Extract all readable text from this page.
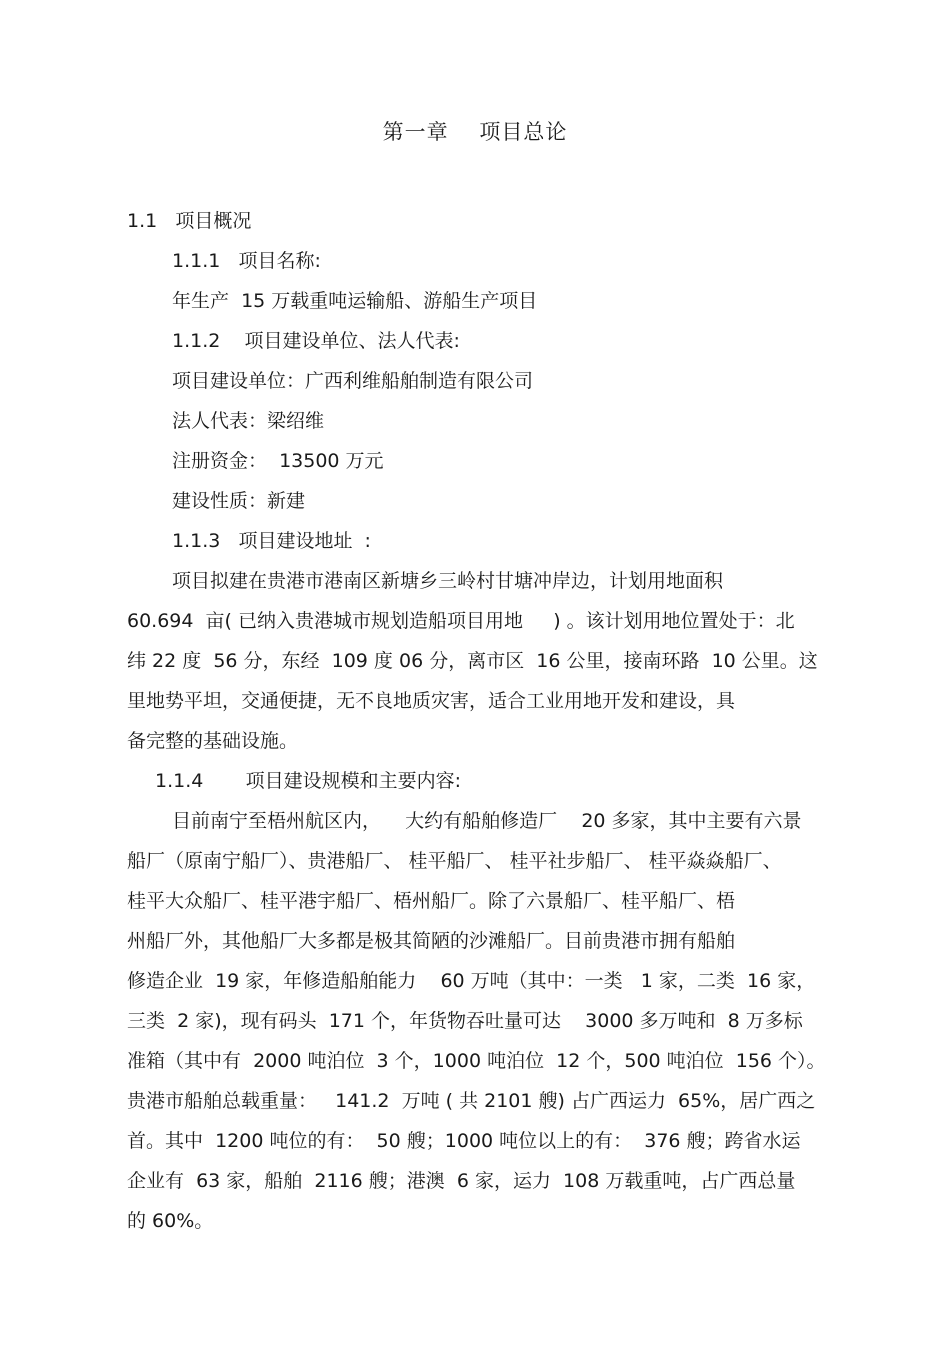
第一章    项目总论
1.1   项目概况
1.1.1   项目名称:
年生产  15 万载重吨运输船、游船生产项目
1.1.2    项目建设单位、法人代表:
项目建设单位：广西利维船舶制造有限公司
法人代表：梁绍维
注册资金：  13500 万元
建设性质：新建
1.1.3   项目建设地址  :
项目拟建在贵港市港南区新塘乡三岭村甘塘冲岸边，计划用地面积
60.694  亩( 已纳入贵港城市规划造船项目用地     ) 。该计划用地位置处于：北
纬 22 度  56 分，东经  109 度 06 分，离市区  16 公里，接南环路  10 公里。这
里地势平坦，交通便捷，无不良地质灾害，适合工业用地开发和建设，具
备完整的基础设施。
1.1.4       项目建设规模和主要内容:
目前南宁至梧州航区内，    大约有船舶修造厂    20 多家，其中主要有六景
船厂（原南宁船厂）、贵港船厂、 桂平船厂、 桂平社步船厂、 桂平焱焱船厂、
桂平大众船厂、桂平港宇船厂、梧州船厂。除了六景船厂、桂平船厂、梧
州船厂外，其他船厂大多都是极其简陋的沙滩船厂。目前贵港市拥有船舶
修造企业  19 家，年修造船舶能力    60 万吨（其中：一类   1 家，二类  16 家，
三类  2 家)，现有码头  171 个，年货物吞吐量可达    3000 多万吨和  8 万多标
准箱（其中有  2000 吨泊位  3 个，1000 吨泊位  12 个，500 吨泊位  156 个）。
贵港市船舶总载重量：   141.2  万吨 ( 共 2101 艘) 占广西运力  65%，居广西之
首。其中  1200 吨位的有：  50 艘；1000 吨位以上的有：  376 艘；跨省水运
企业有  63 家，船舶  2116 艘；港澳  6 家，运力  108 万载重吨，占广西总量
的 60%。
